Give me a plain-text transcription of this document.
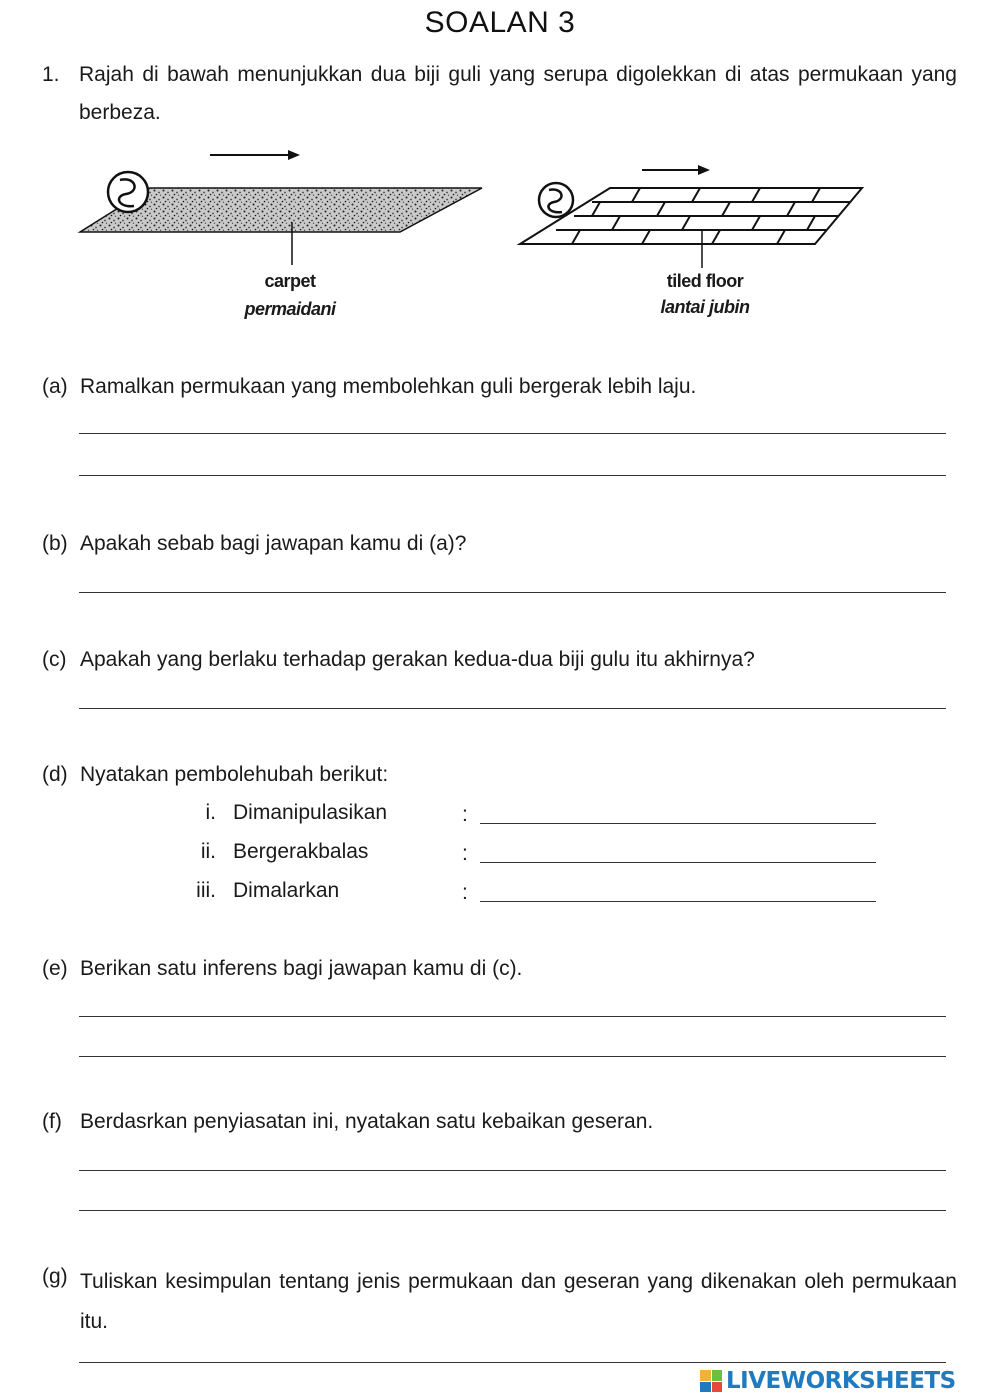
SOALAN 3
1. Rajah di bawah menunjukkan dua biji guli yang serupa digolekkan di atas permukaan yang berbeza.
carpet
permaidani
tiled floor
lantai jubin
(a) Ramalkan permukaan yang membolehkan guli bergerak lebih laju.
(b) Apakah sebab bagi jawapan kamu di (a)?
(c) Apakah yang berlaku terhadap gerakan kedua-dua biji gulu itu akhirnya?
(d) Nyatakan pembolehubah berikut:
i. Dimanipulasikan	:
ii. Bergerakbalas	:
iii. Dimalarkan	:
(e) Berikan satu inferens bagi jawapan kamu di (c).
(f) Berdasrkan penyiasatan ini, nyatakan satu kebaikan geseran.
(g) Tuliskan kesimpulan tentang jenis permukaan dan geseran yang dikenakan oleh permukaan itu.
LIVEWORKSHEETS
